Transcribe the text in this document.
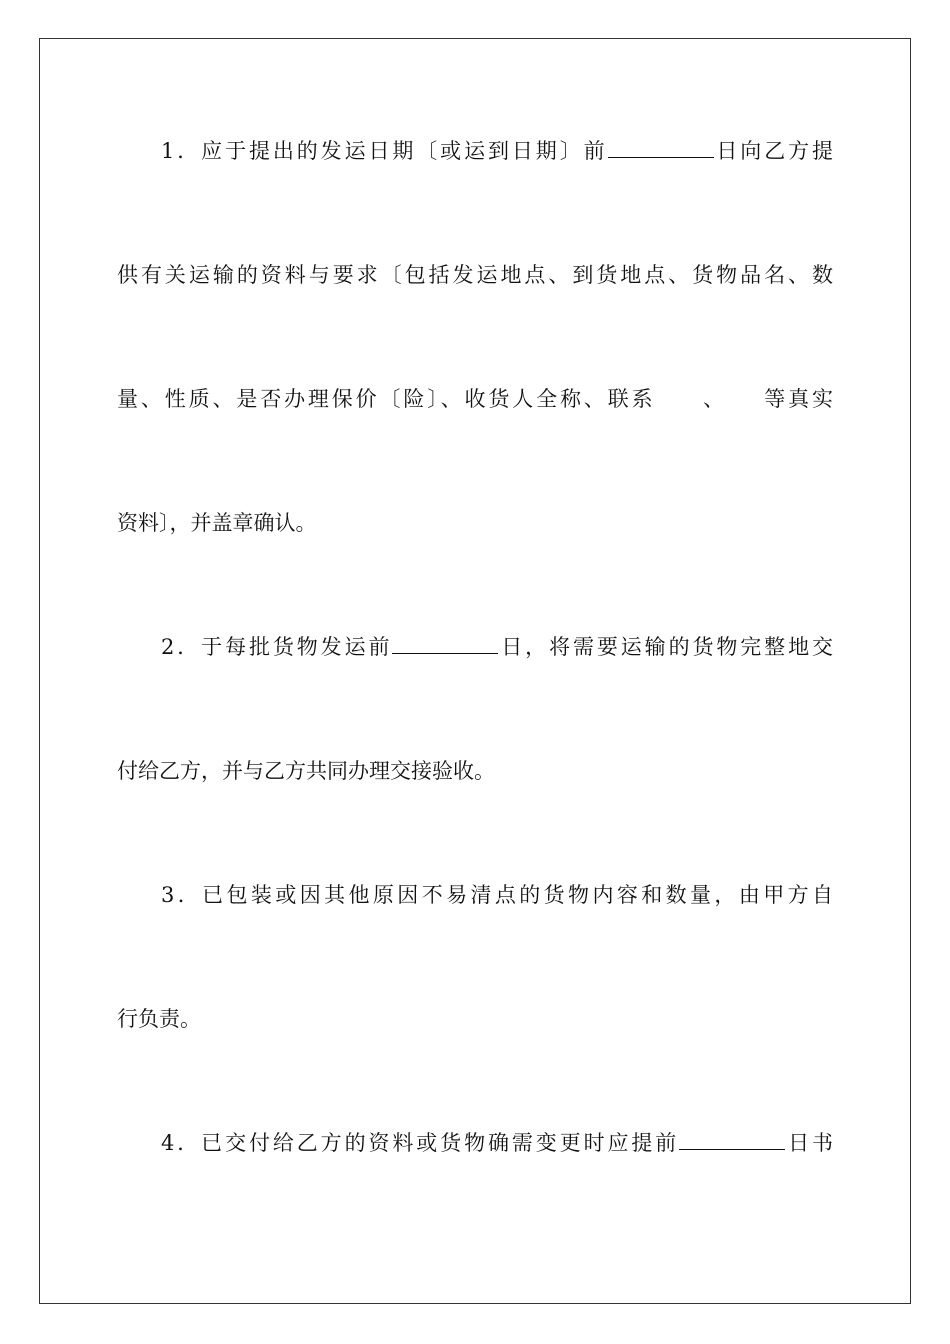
1．应于提出的发运日期〔或运到日期〕前	日向乙方提
供有关运输的资料与要求〔包括发运地点、到货地点、货物品名、数
量、性质、是否办理保价〔险〕、收货人全称、联系　　、　　等真实
资料〕，并盖章确认。
2．于每批货物发运前	日，将需要运输的货物完整地交
付给乙方，并与乙方共同办理交接验收。
3．已包装或因其他原因不易清点的货物内容和数量，由甲方自
行负责。
4．已交付给乙方的资料或货物确需变更时应提前	日书
